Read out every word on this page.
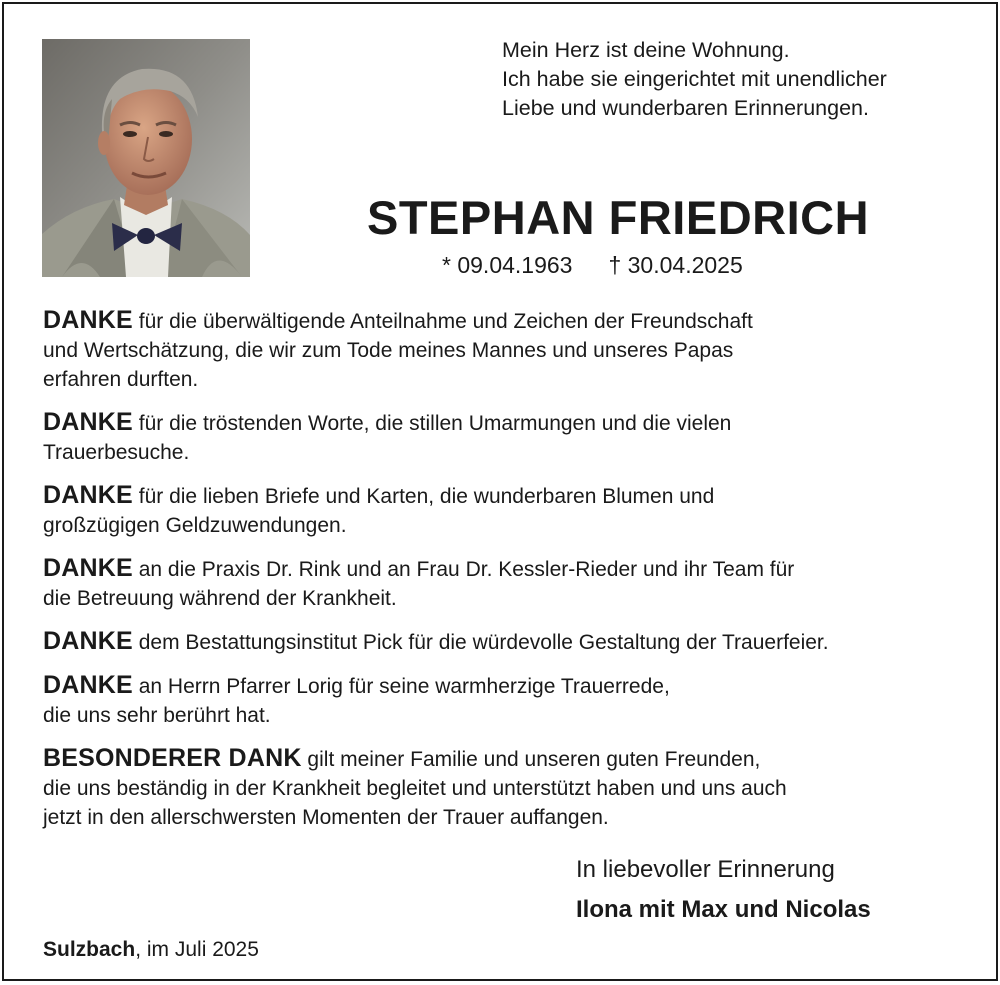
Mein Herz ist deine Wohnung.
Ich habe sie eingerichtet mit unendlicher
Liebe und wunderbaren Erinnerungen.
STEPHAN FRIEDRICH
* 09.04.1963 † 30.04.2025
DANKE für die überwältigende Anteilnahme und Zeichen der Freundschaft
und Wertschätzung, die wir zum Tode meines Mannes und unseres Papas
erfahren durften.
DANKE für die tröstenden Worte, die stillen Umarmungen und die vielen
Trauerbesuche.
DANKE für die lieben Briefe und Karten, die wunderbaren Blumen und
großzügigen Geldzuwendungen.
DANKE an die Praxis Dr. Rink und an Frau Dr. Kessler-Rieder und ihr Team für
die Betreuung während der Krankheit.
DANKE dem Bestattungsinstitut Pick für die würdevolle Gestaltung der Trauerfeier.
DANKE an Herrn Pfarrer Lorig für seine warmherzige Trauerrede,
die uns sehr berührt hat.
BESONDERER DANK gilt meiner Familie und unseren guten Freunden,
die uns beständig in der Krankheit begleitet und unterstützt haben und uns auch
jetzt in den allerschwersten Momenten der Trauer auffangen.
In liebevoller Erinnerung
Ilona mit Max und Nicolas
Sulzbach, im Juli 2025
